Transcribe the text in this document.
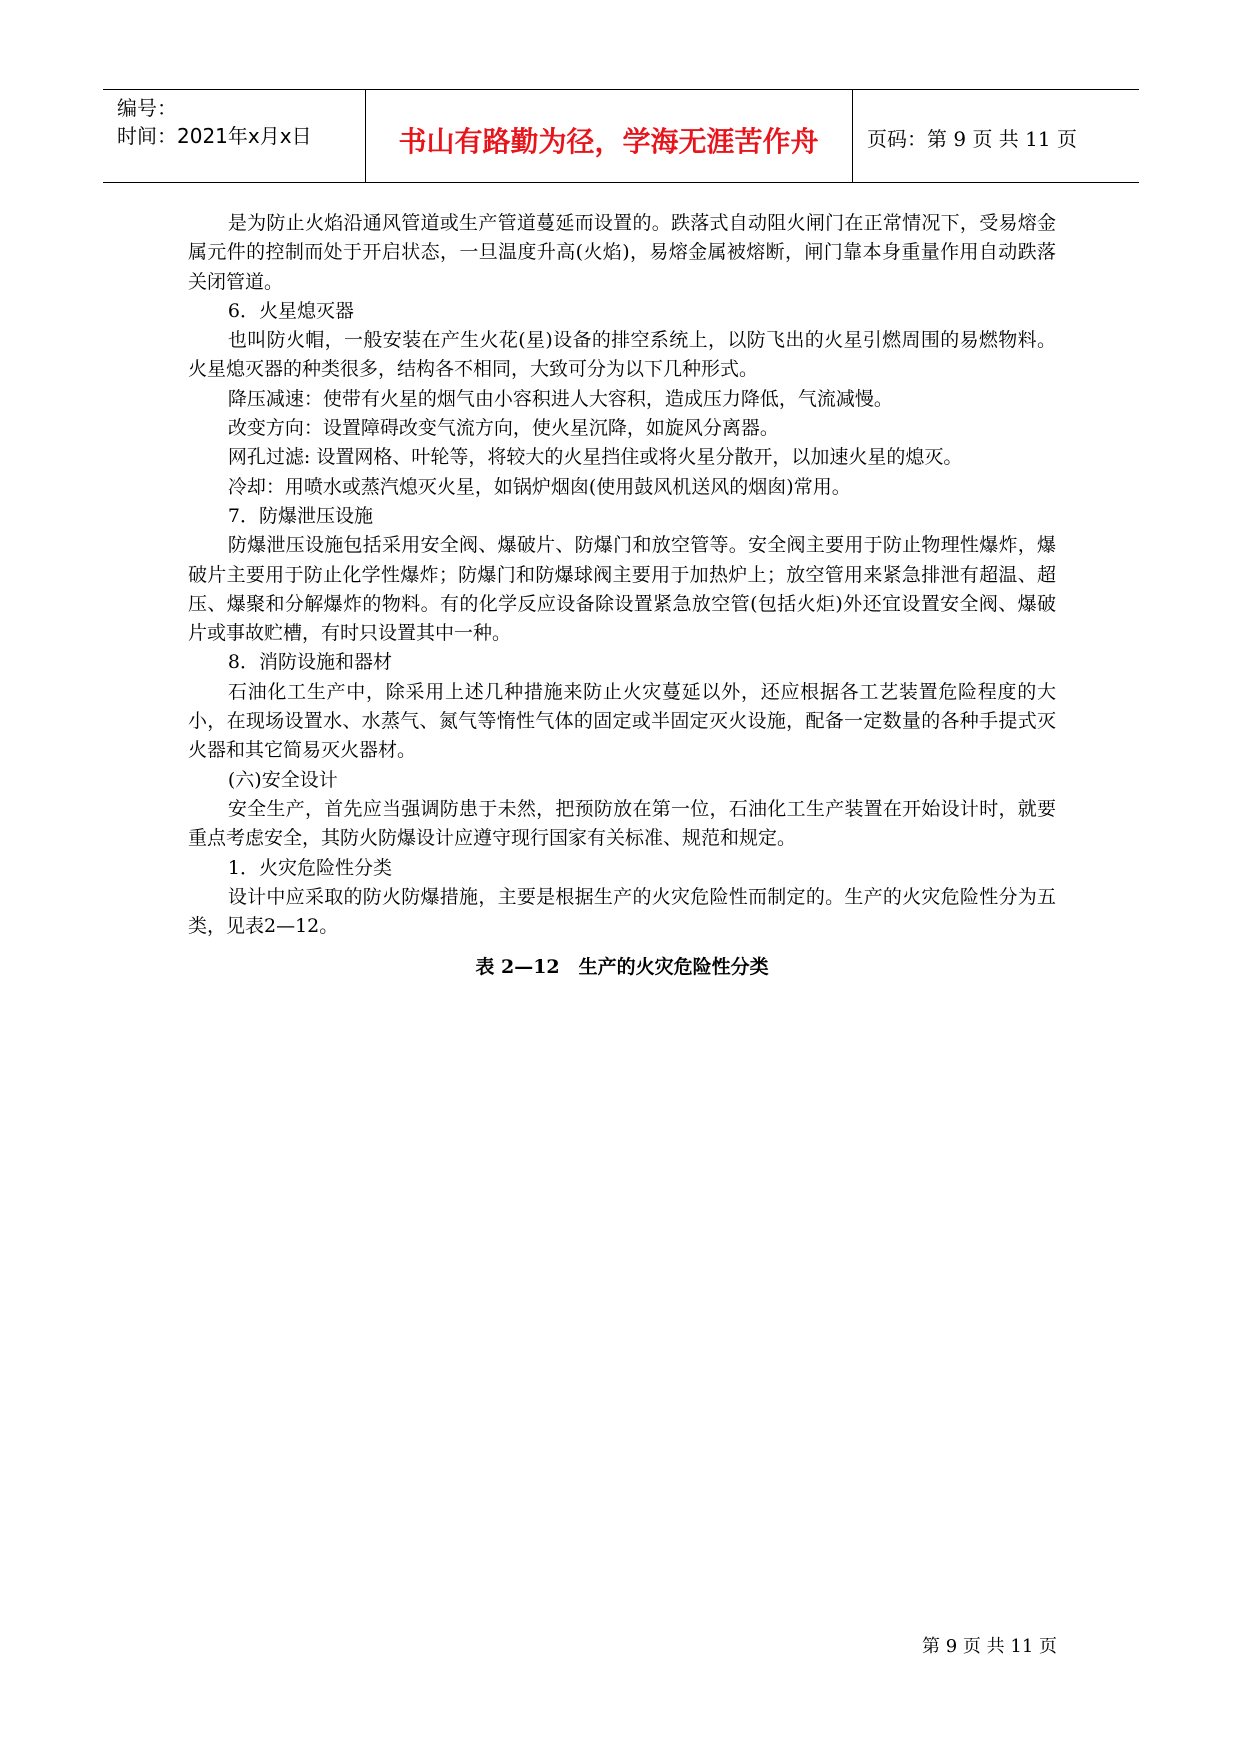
编号：
时间：2021年x月x日	书山有路勤为径，学海无涯苦作舟	页码：第 9 页 共 11 页

是为防止火焰沿通风管道或生产管道蔓延而设置的。跌落式自动阻火闸门在正常情况下，受易熔金属元件的控制而处于开启状态，一旦温度升高(火焰)，易熔金属被熔断，闸门靠本身重量作用自动跌落关闭管道。

6．火星熄灭器

也叫防火帽，一般安装在产生火花(星)设备的排空系统上，以防飞出的火星引燃周围的易燃物料。火星熄灭器的种类很多，结构各不相同，大致可分为以下几种形式。

降压减速：使带有火星的烟气由小容积进人大容积，造成压力降低，气流减慢。

改变方向：设置障碍改变气流方向，使火星沉降，如旋风分离器。

网孔过滤: 设置网格、叶轮等，将较大的火星挡住或将火星分散开，以加速火星的熄灭。

冷却：用喷水或蒸汽熄灭火星，如锅炉烟囱(使用鼓风机送风的烟囱)常用。

7．防爆泄压设施

防爆泄压设施包括采用安全阀、爆破片、防爆门和放空管等。安全阀主要用于防止物理性爆炸，爆破片主要用于防止化学性爆炸；防爆门和防爆球阀主要用于加热炉上；放空管用来紧急排泄有超温、超压、爆聚和分解爆炸的物料。有的化学反应设备除设置紧急放空管(包括火炬)外还宜设置安全阀、爆破片或事故贮槽，有时只设置其中一种。

8．消防设施和器材

石油化工生产中，除采用上述几种措施来防止火灾蔓延以外，还应根据各工艺装置危险程度的大小，在现场设置水、水蒸气、氮气等惰性气体的固定或半固定灭火设施，配备一定数量的各种手提式灭火器和其它简易灭火器材。

(六)安全设计

安全生产，首先应当强调防患于未然，把预防放在第一位，石油化工生产装置在开始设计时，就要重点考虑安全，其防火防爆设计应遵守现行国家有关标准、规范和规定。

1．火灾危险性分类

设计中应采取的防火防爆措施，主要是根据生产的火灾危险性而制定的。生产的火灾危险性分为五类，见表2—12。

表 2—12　生产的火灾危险性分类
第 9 页 共 11 页
